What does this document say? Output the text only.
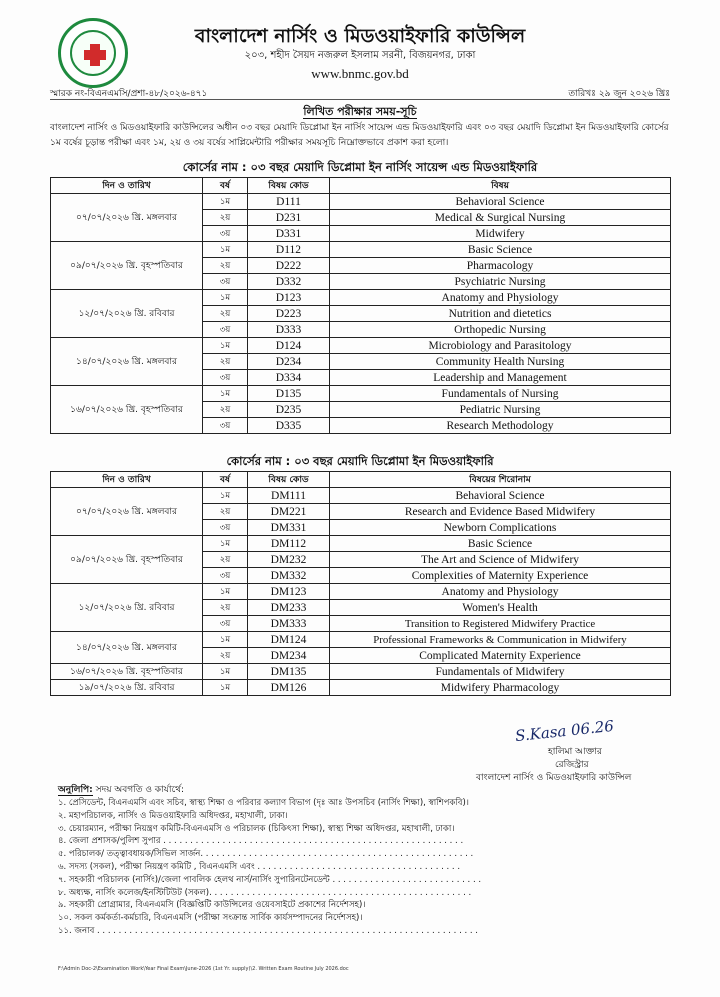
বাংলাদেশ নার্সিং ও মিডওয়াইফারি কাউন্সিল
২০৩, শহীদ সৈয়দ নজরুল ইসলাম সরনী, বিজয়নগর, ঢাকা
www.bnmc.gov.bd
স্মারক নং-বিএনএমসি/প্রশা-৪৮/২০২৬-৪৭১	তারিখঃ ২৯ জুন ২০২৬ খ্রিঃ
লিখিত পরীক্ষার সময়-সূচি
বাংলাদেশ নার্সিং ও মিডওয়াইফারি কাউন্সিলের অধীন ০৩ বছর মেয়াদি ডিপ্লোমা ইন নার্সিং সায়েন্স এন্ড মিডওয়াইফারি এবং ০৩ বছর মেয়াদি ডিপ্লোমা ইন মিডওয়াইফারি কোর্সের ১ম বর্ষের চূড়ান্ত পরীক্ষা এবং ১ম, ২য় ও ৩য় বর্ষের সাপ্লিমেন্টারি পরীক্ষার সময়সূচি নিম্নোক্তভাবে প্রকাশ করা হলো।
কোর্সের নাম : ০৩ বছর মেয়াদি ডিপ্লোমা ইন নার্সিং সায়েন্স এন্ড মিডওয়াইফারি
দিন ও তারিখ	বর্ষ	বিষয় কোড	বিষয়
০৭/০৭/২০২৬ খ্রি. মঙ্গলবার	১ম	D111	Behavioral Science
	২য়	D231	Medical & Surgical Nursing
	৩য়	D331	Midwifery
০৯/০৭/২০২৬ খ্রি. বৃহস্পতিবার	১ম	D112	Basic Science
	২য়	D222	Pharmacology
	৩য়	D332	Psychiatric Nursing
১২/০৭/২০২৬ খ্রি. রবিবার	১ম	D123	Anatomy and Physiology
	২য়	D223	Nutrition and dietetics
	৩য়	D333	Orthopedic Nursing
১৪/০৭/২০২৬ খ্রি. মঙ্গলবার	১ম	D124	Microbiology and Parasitology
	২য়	D234	Community Health Nursing
	৩য়	D334	Leadership and Management
১৬/০৭/২০২৬ খ্রি. বৃহস্পতিবার	১ম	D135	Fundamentals of Nursing
	২য়	D235	Pediatric Nursing
	৩য়	D335	Research Methodology
কোর্সের নাম : ০৩ বছর মেয়াদি ডিপ্লোমা ইন মিডওয়াইফারি
দিন ও তারিখ	বর্ষ	বিষয় কোড	বিষয়ের শিরোনাম
০৭/০৭/২০২৬ খ্রি. মঙ্গলবার	১ম	DM111	Behavioral Science
	২য়	DM221	Research and Evidence Based Midwifery
	৩য়	DM331	Newborn Complications
০৯/০৭/২০২৬ খ্রি. বৃহস্পতিবার	১ম	DM112	Basic Science
	২য়	DM232	The Art and Science of Midwifery
	৩য়	DM332	Complexities of Maternity Experience
১২/০৭/২০২৬ খ্রি. রবিবার	১ম	DM123	Anatomy and Physiology
	২য়	DM233	Women's Health
	৩য়	DM333	Transition to Registered Midwifery Practice
১৪/০৭/২০২৬ খ্রি. মঙ্গলবার	১ম	DM124	Professional Frameworks & Communication in Midwifery
	২য়	DM234	Complicated Maternity Experience
১৬/০৭/২০২৬ খ্রি. বৃহস্পতিবার	১ম	DM135	Fundamentals of Midwifery
১৯/০৭/২০২৬ খ্রি. রবিবার	১ম	DM126	Midwifery Pharmacology
S.Kasa 06.26
হালিমা আক্তার
রেজিস্ট্রার
বাংলাদেশ নার্সিং ও মিডওয়াইফারি কাউন্সিল
অনুলিপি: সদয় অবগতি ও কার্যার্থে:
১. প্রেসিডেন্ট, বিএনএমসি এবং সচিব, স্বাস্থ্য শিক্ষা ও পরিবার কল্যাণ বিভাগ (দৃঃ আঃ উপসচিব (নার্সিং শিক্ষা), স্বাশিপকবি)।
২. মহাপরিচালক, নার্সিং ও মিডওয়াইফারি অধিদপ্তর, মহাখালী, ঢাকা।
৩. চেয়ারম্যান, পরীক্ষা নিয়ন্ত্রণ কমিটি-বিএনএমসি ও পরিচালক (চিকিৎসা শিক্ষা), স্বাস্থ্য শিক্ষা অধিদপ্তর, মহাখালী, ঢাকা।
৪. জেলা প্রশাসক/পুলিশ সুপার . . . . . . . . . . . . . . . . . . . . . . . . . . . . . . . . . . . . . . . . . . . . . . . . . . . . . . . .
৫. পরিচালক/ তত্ত্বাবধায়ক/সিভিল সার্জন. . . . . . . . . . . . . . . . . . . . . . . . . . . . . . . . . . . . . . . . . . . . . . . . . . .
৬. সদস্য (সকল), পরীক্ষা নিয়ন্ত্রণ কমিটি , বিএনএমসি এবং . . . . . . . . . . . . . . . . . . . . . . . . . . . . . . . . . . . . . .
৭. সহকারী পরিচালক (নার্সিং)/জেলা পাবলিক হেলথ নার্স/নার্সিং সুপারিনটেনডেন্ট . . . . . . . . . . . . . . . . . . . . . . . . . . . .
৮. অধ্যক্ষ, নার্সিং কলেজ/ইনস্টিটিউট (সকল). . . . . . . . . . . . . . . . . . . . . . . . . . . . . . . . . . . . . . . . . . . . . . . . .
৯. সহকারী প্রোগ্রামার, বিএনএমসি (বিজ্ঞপ্তিটি কাউন্সিলের ওয়েবসাইটে প্রকাশের নির্দেশসহ)।
১০. সকল কর্মকর্তা-কর্মচারি, বিএনএমসি (পরীক্ষা সংক্রান্ত সার্বিক কার্যসম্পাদনের নির্দেশসহ)।
১১. জনাব . . . . . . . . . . . . . . . . . . . . . . . . . . . . . . . . . . . . . . . . . . . . . . . . . . . . . . . . . . . . . . . . . . . . . . .
F:\Admin Doc-2\Examination Work\Year Final Exam\June-2026 (1st Yr. supply)\2. Written Exam Routine July 2026.doc
